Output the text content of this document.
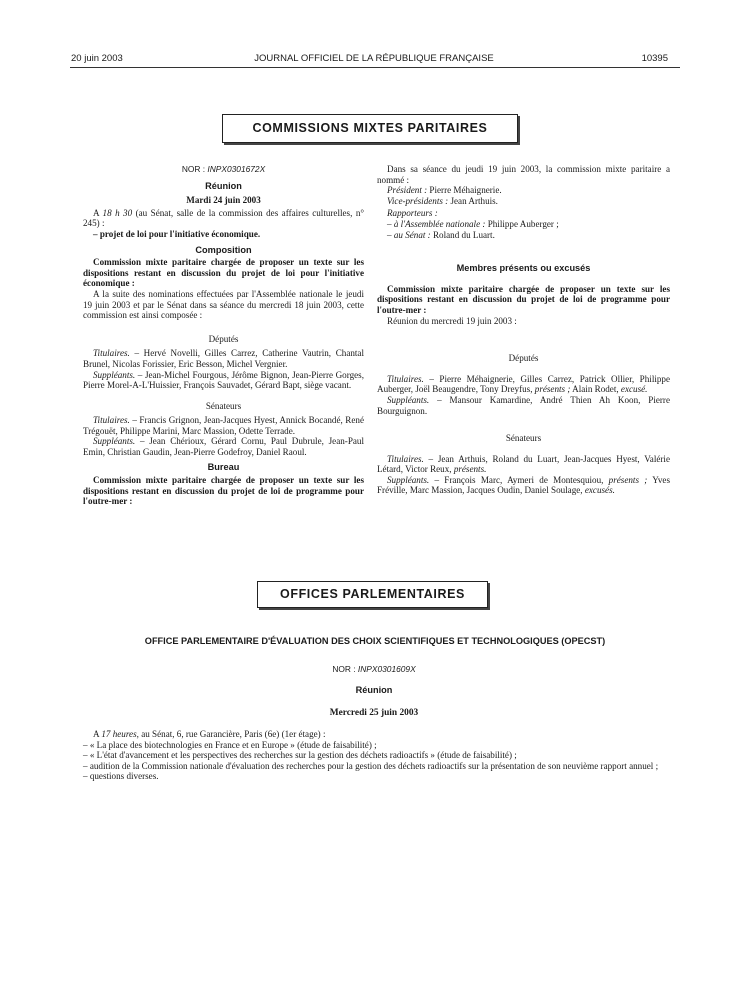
20 juin 2003	JOURNAL OFFICIEL DE LA RÉPUBLIQUE FRANÇAISE	10395
COMMISSIONS MIXTES PARITAIRES

NOR : INPX0301672X

Réunion

Mardi 24 juin 2003

A 18 h 30 (au Sénat, salle de la commission des affaires culturelles, n° 245) :

– projet de loi pour l'initiative économique.

Composition

Commission mixte paritaire chargée de proposer un texte sur les dispositions restant en discussion du projet de loi pour l'initiative économique :

A la suite des nominations effectuées par l'Assemblée nationale le jeudi 19 juin 2003 et par le Sénat dans sa séance du mercredi 18 juin 2003, cette commission est ainsi composée :

Députés

Titulaires. – Hervé Novelli, Gilles Carrez, Catherine Vautrin, Chantal Brunel, Nicolas Forissier, Eric Besson, Michel Vergnier.

Suppléants. – Jean-Michel Fourgous, Jérôme Bignon, Jean-Pierre Gorges, Pierre Morel-A-L'Huissier, François Sauvadet, Gérard Bapt, siège vacant.

Sénateurs

Titulaires. – Francis Grignon, Jean-Jacques Hyest, Annick Bocandé, René Trégouët, Philippe Marini, Marc Massion, Odette Terrade.

Suppléants. – Jean Chérioux, Gérard Cornu, Paul Dubrule, Jean-Paul Emin, Christian Gaudin, Jean-Pierre Godefroy, Daniel Raoul.

Bureau

Commission mixte paritaire chargée de proposer un texte sur les dispositions restant en discussion du projet de loi de programme pour l'outre-mer :

Dans sa séance du jeudi 19 juin 2003, la commission mixte paritaire a nommé :

Président : Pierre Méhaignerie.

Vice-présidents : Jean Arthuis.

Rapporteurs :

– à l'Assemblée nationale : Philippe Auberger ;

– au Sénat : Roland du Luart.

Membres présents ou excusés

Commission mixte paritaire chargée de proposer un texte sur les dispositions restant en discussion du projet de loi de programme pour l'outre-mer :

Réunion du mercredi 19 juin 2003 :

Députés

Titulaires. – Pierre Méhaignerie, Gilles Carrez, Patrick Ollier, Philippe Auberger, Joël Beaugendre, Tony Dreyfus, présents ; Alain Rodet, excusé.

Suppléants. – Mansour Kamardine, André Thien Ah Koon, Pierre Bourguignon.

Sénateurs

Titulaires. – Jean Arthuis, Roland du Luart, Jean-Jacques Hyest, Valérie Létard, Victor Reux, présents.

Suppléants. – François Marc, Aymeri de Montesquiou, présents ; Yves Fréville, Marc Massion, Jacques Oudin, Daniel Soulage, excusés.

OFFICES PARLEMENTAIRES
OFFICE PARLEMENTAIRE D'ÉVALUATION DES CHOIX SCIENTIFIQUES ET TECHNOLOGIQUES (OPECST)
NOR : INPX0301609X
Réunion
Mercredi 25 juin 2003

A 17 heures, au Sénat, 6, rue Garancière, Paris (6e) (1er étage) :

– « La place des biotechnologies en France et en Europe » (étude de faisabilité) ;
– « L'état d'avancement et les perspectives des recherches sur la gestion des déchets radioactifs » (étude de faisabilité) ;
– audition de la Commission nationale d'évaluation des recherches pour la gestion des déchets radioactifs sur la présentation de son neuvième rapport annuel ;
– questions diverses.
